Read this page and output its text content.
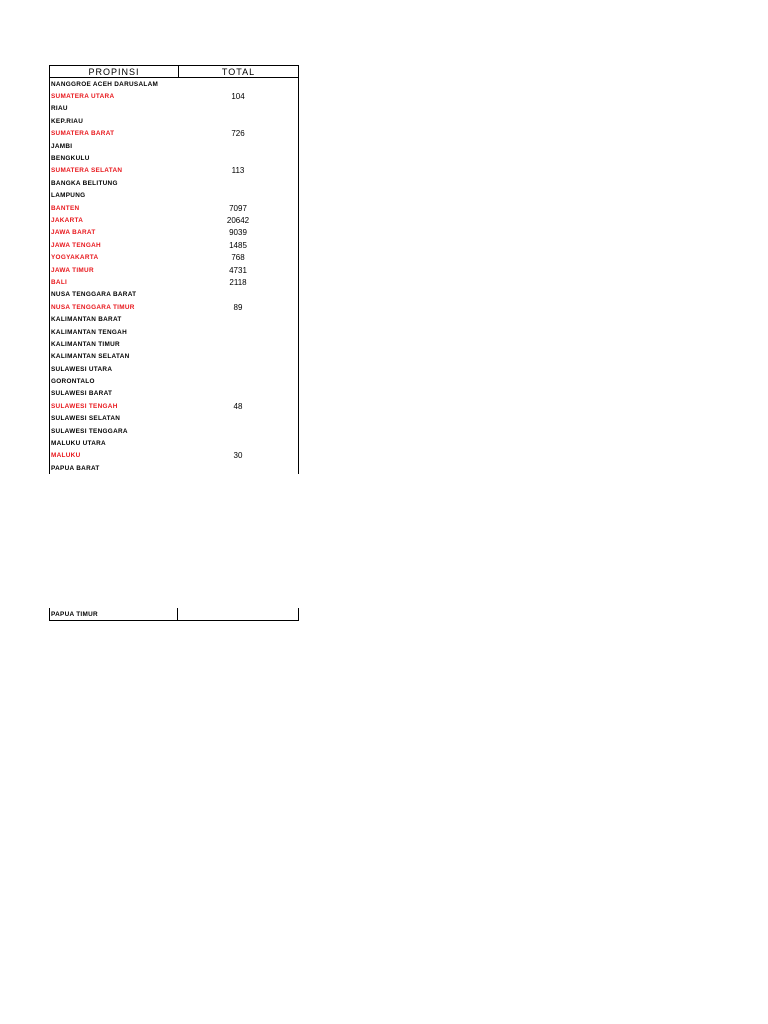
PROPINSI	TOTAL
NANGGROE ACEH DARUSALAM
SUMATERA UTARA	104
RIAU
KEP.RIAU
SUMATERA BARAT	726
JAMBI
BENGKULU
SUMATERA SELATAN	113
BANGKA BELITUNG
LAMPUNG
BANTEN	7097
JAKARTA	20642
JAWA BARAT	9039
JAWA TENGAH	1485
YOGYAKARTA	768
JAWA TIMUR	4731
BALI	2118
NUSA TENGGARA BARAT
NUSA TENGGARA TIMUR	89
KALIMANTAN BARAT
KALIMANTAN TENGAH
KALIMANTAN TIMUR
KALIMANTAN SELATAN
SULAWESI UTARA
GORONTALO
SULAWESI BARAT
SULAWESI TENGAH	48
SULAWESI SELATAN
SULAWESI TENGGARA
MALUKU UTARA
MALUKU	30
PAPUA BARAT
PAPUA TIMUR
